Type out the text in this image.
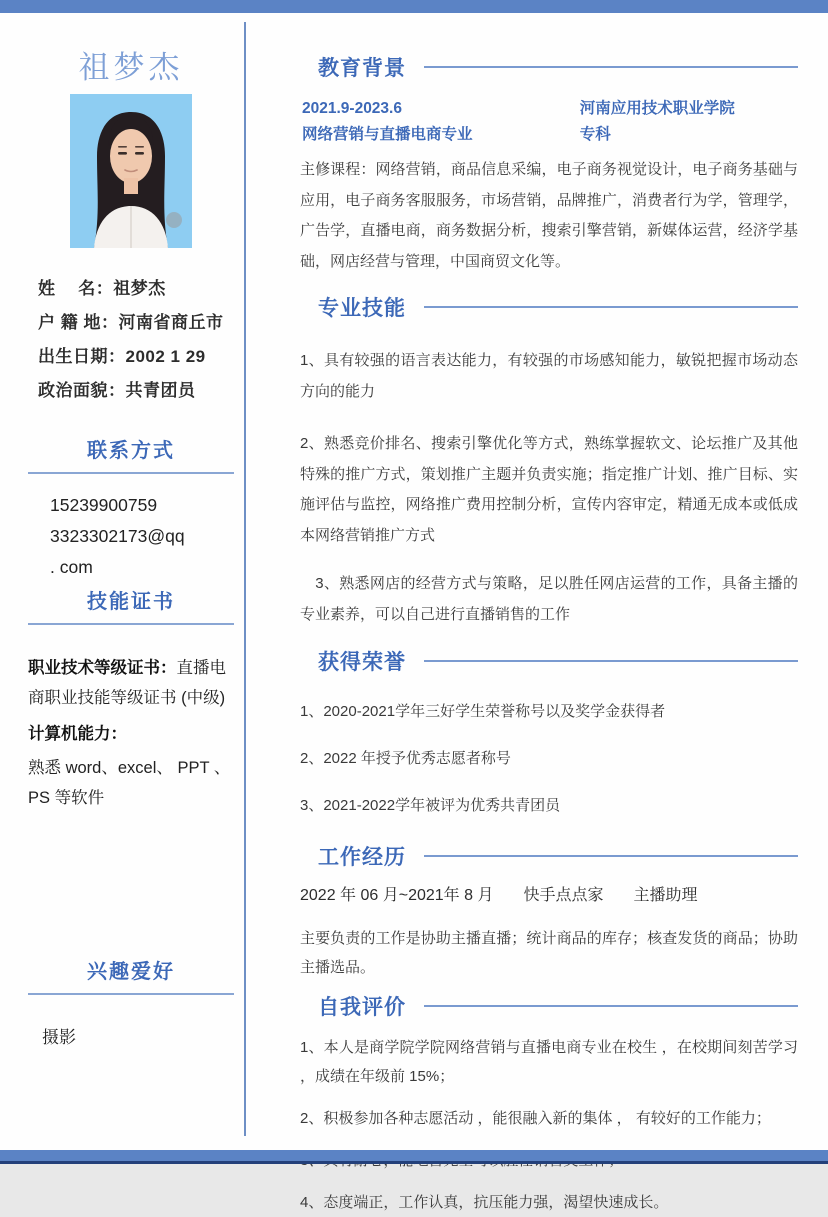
祖梦杰
姓　 名：祖梦杰
户 籍 地：河南省商丘市
出生日期：2002 1 29
政治面貌：共青团员
联系方式
15239900759
3323302173@qq
. com
技能证书

职业技术等级证书：直播电商职业技能等级证书 (中级)

计算机能力：

熟悉 word、excel、 PPT 、 PS 等软件

兴趣爱好
摄影
教育背景
2021.9-2023.6
网络营销与直播电商专业
河南应用技术职业学院
专科

主修课程：网络营销，商品信息采编，电子商务视觉设计，电子商务基础与应用，电子商务客服服务，市场营销，品牌推广，消费者行为学，管理学，广告学，直播电商，商务数据分析，搜索引擎营销，新媒体运营，经济学基础，网店经营与管理，中国商贸文化等。

专业技能

1、具有较强的语言表达能力，有较强的市场感知能力，敏锐把握市场动态方向的能力

2、熟悉竞价排名、搜索引擎优化等方式，熟练掌握软文、论坛推广及其他特殊的推广方式，策划推广主题并负责实施；指定推广计划、推广目标、实施评估与监控，网络推广费用控制分析，宣传内容审定，精通无成本或低成本网络营销推广方式

　3、熟悉网店的经营方式与策略，足以胜任网店运营的工作，具备主播的专业素养，可以自己进行直播销售的工作

获得荣誉

1、2020-2021学年三好学生荣誉称号以及奖学金获得者

2、2022 年授予优秀志愿者称号

3、2021-2022学年被评为优秀共青团员

工作经历
2022 年 06 月~2021年 8 月 快手点点家 主播助理

主要负责的工作是协助主播直播；统计商品的库存；核查发货的商品；协助主播选品。

自我评价

1、本人是商学院学院网络营销与直播电商专业在校生 ，在校期间刻苦学习 ，成绩在年级前 15%；

2、积极参加各种志愿活动 ，能很融入新的集体 ， 有较好的工作能力；

4、态度端正，工作认真，抗压能力强，渴望快速成长。
